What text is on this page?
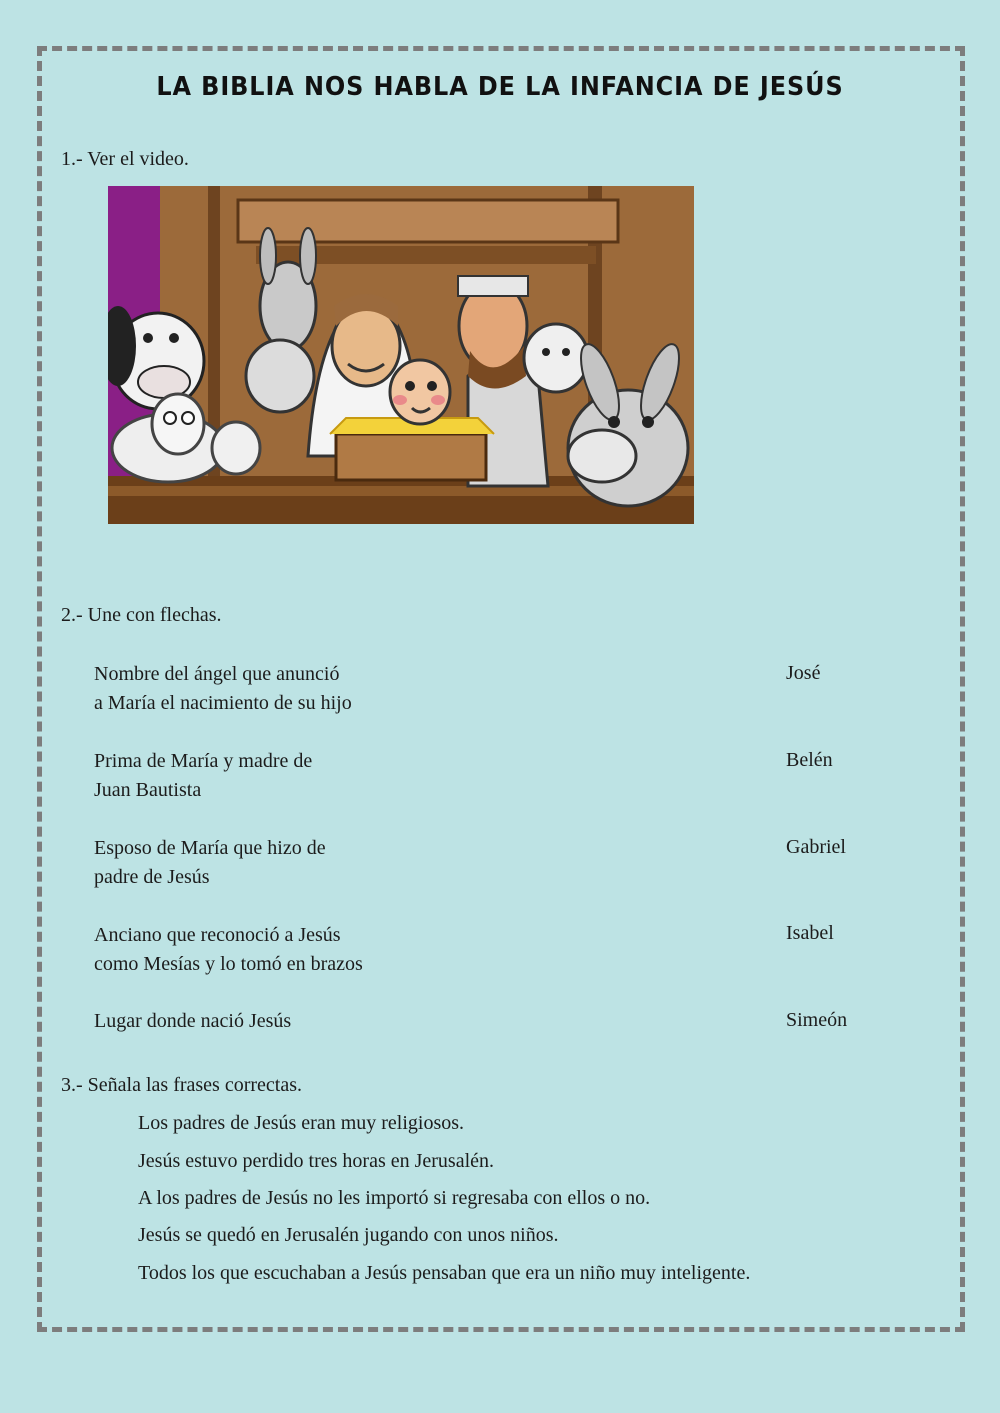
LA BIBLIA NOS HABLA DE LA INFANCIA DE JESÚS
1.- Ver el video.
2.- Une con flechas.
Nombre del ángel que anunció
a María el nacimiento de su hijo
Prima de María y madre de
Juan Bautista
Esposo de María que hizo de
padre de Jesús
Anciano que reconoció a Jesús
como Mesías y lo tomó en brazos
Lugar donde nació Jesús
José
Belén
Gabriel
Isabel
Simeón
3.- Señala las frases correctas.
Los padres de Jesús eran muy religiosos.
Jesús estuvo perdido tres horas en Jerusalén.
A los padres de Jesús no les importó si regresaba con ellos o no.
Jesús se quedó en Jerusalén jugando con unos niños.
Todos los que escuchaban a Jesús pensaban que era un niño muy inteligente.
